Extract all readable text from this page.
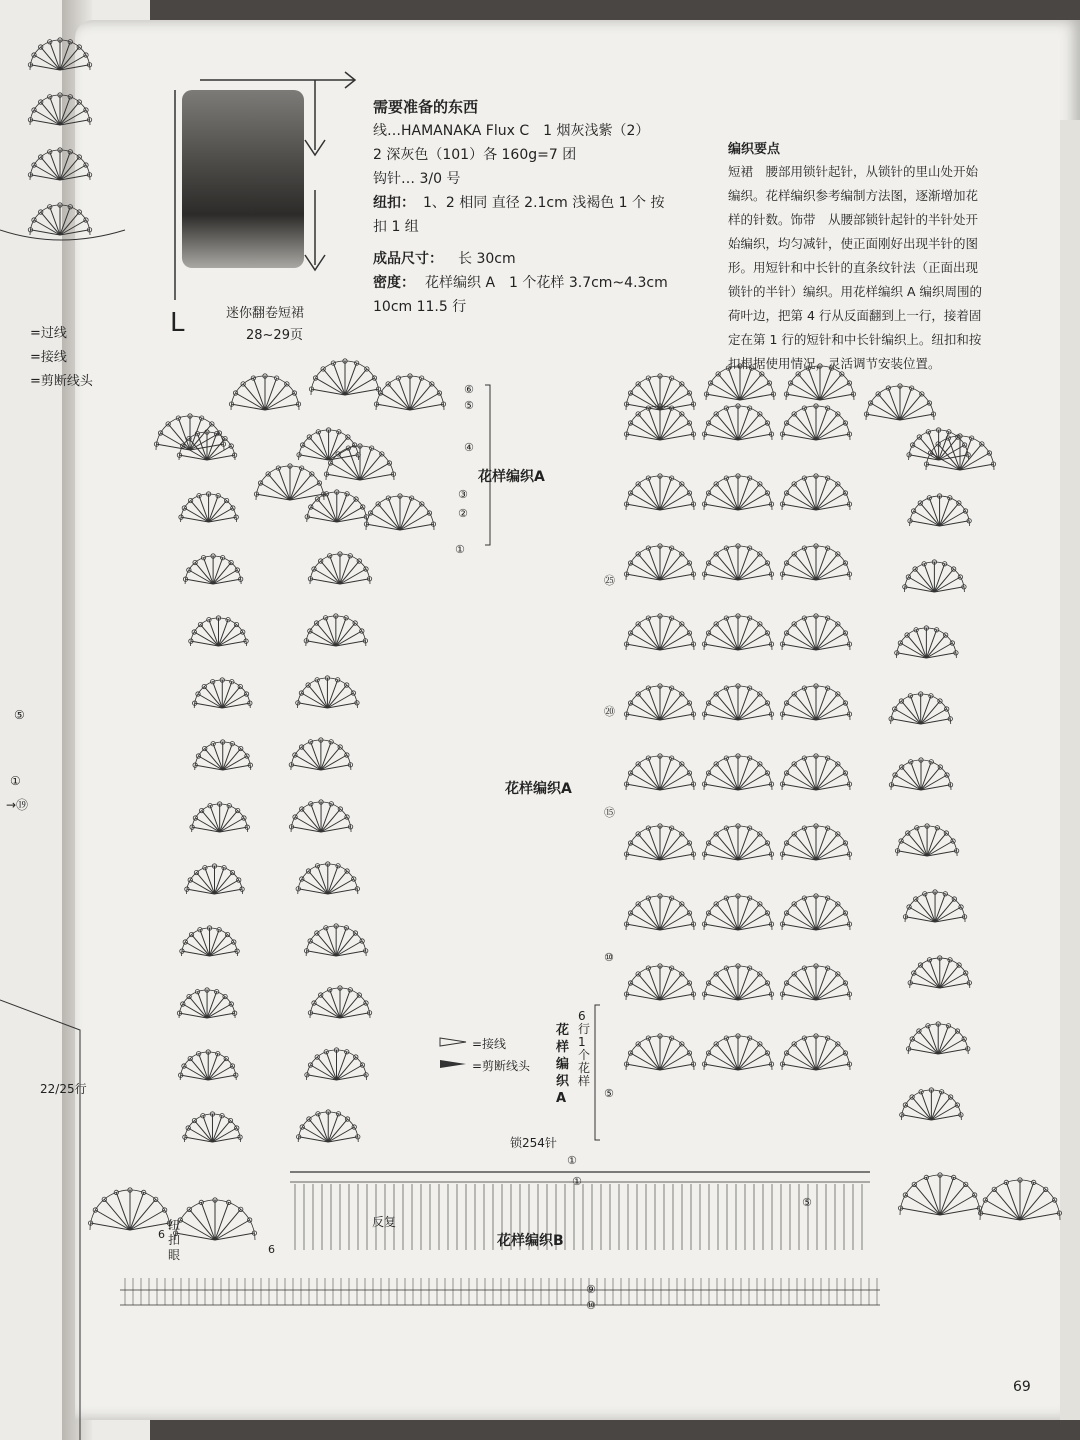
=过线
=接线
=剪断线头
⑤
①
→⑲
22/25行
L	迷你翻卷短裙
28~29页
需要准备的东西
线…HAMANAKA Flux C　1 烟灰浅紫（2）
2 深灰色（101）各 160g=7 团
钩针… 3/0 号
纽扣： 1、2 相同 直径 2.1cm 浅褐色 1 个 按
扣 1 组
成品尺寸： 长 30cm
密度： 花样编织 A　1 个花样 3.7cm~4.3cm
10cm 11.5 行
编织要点
短裙　腰部用锁针起针，从锁针的里山处开始
编织。花样编织参考编制方法图，逐渐增加花
样的针数。饰带　从腰部锁针起针的半针处开
始编织，均匀减针，使正面刚好出现半针的图
形。用短针和中长针的直条纹针法（正面出现
锁针的半针）编织。用花样编织 A 编织周围的
荷叶边，把第 4 行从反面翻到上一行，接着固
定在第 1 行的短针和中长针编织上。纽扣和按
扣根据使用情况，灵活调节安装位置。
花样编织A
花样编织A
花样编织B
锁254针
反复
纽扣眼
6行1个花样
花样编织A
=接线
=剪断线头
⑥
⑤
④
③
②
①
㉕
⑳
⑮
⑩
⑤
①
①
⑤
⑨
⑩
6
6
69
